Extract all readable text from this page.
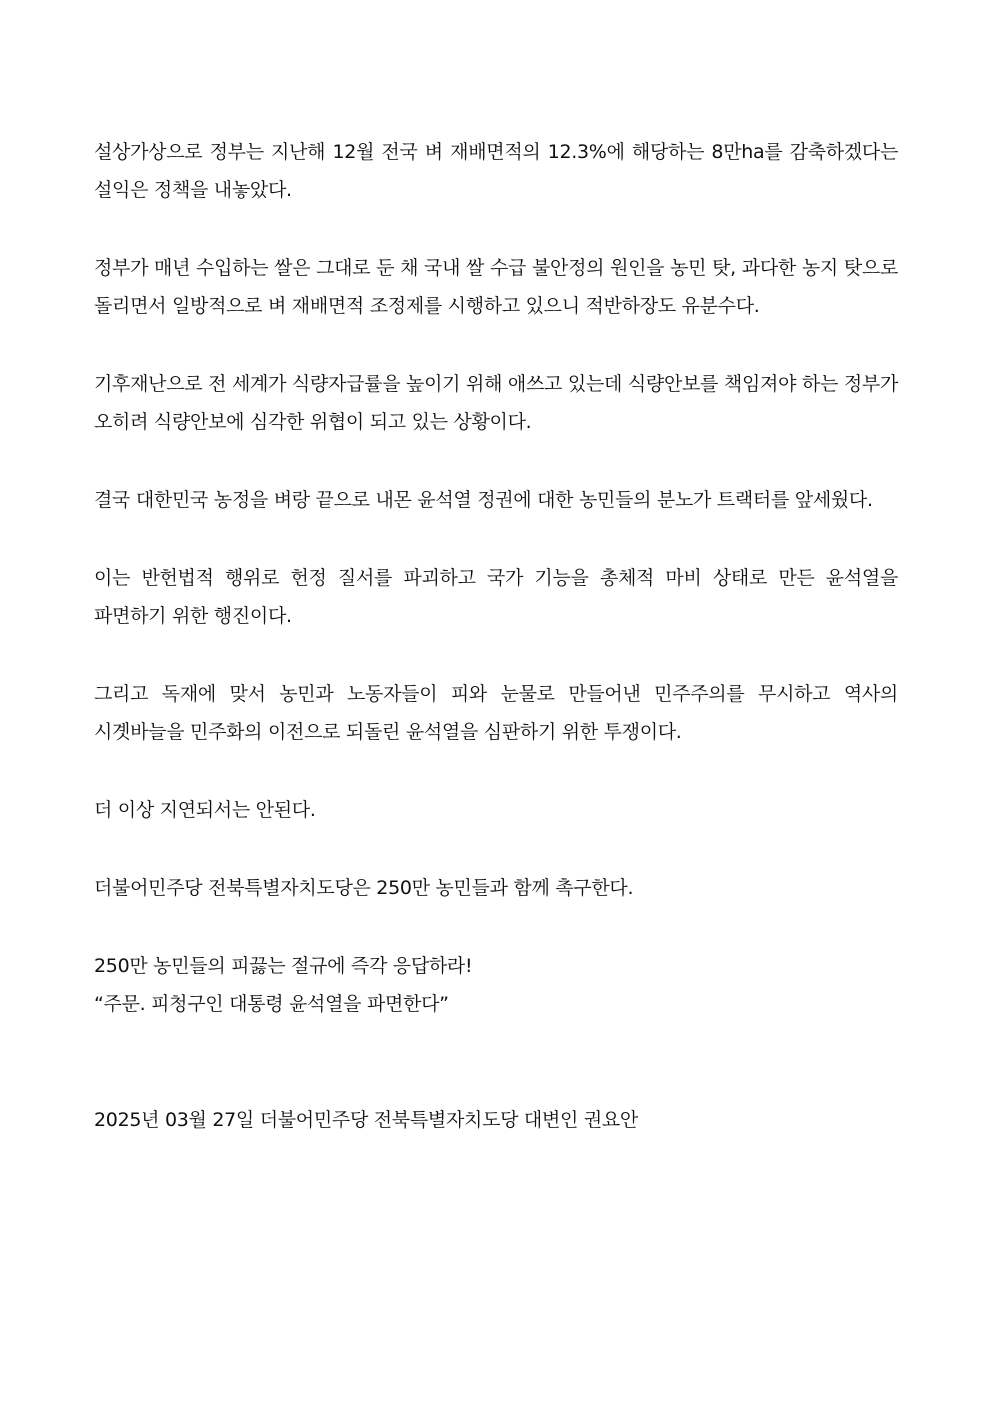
설상가상으로 정부는 지난해 12월 전국 벼 재배면적의 12.3%에 해당하는 8만ha를 감축하겠다는 설익은 정책을 내놓았다.

정부가 매년 수입하는 쌀은 그대로 둔 채 국내 쌀 수급 불안정의 원인을 농민 탓, 과다한 농지 탓으로 돌리면서 일방적으로 벼 재배면적 조정제를 시행하고 있으니 적반하장도 유분수다.

기후재난으로 전 세계가 식량자급률을 높이기 위해 애쓰고 있는데 식량안보를 책임져야 하는 정부가 오히려 식량안보에 심각한 위협이 되고 있는 상황이다.

결국 대한민국 농정을 벼랑 끝으로 내몬 윤석열 정권에 대한 농민들의 분노가 트랙터를 앞세웠다.

이는 반헌법적 행위로 헌정 질서를 파괴하고 국가 기능을 총체적 마비 상태로 만든 윤석열을 파면하기 위한 행진이다.

그리고 독재에 맞서 농민과 노동자들이 피와 눈물로 만들어낸 민주주의를 무시하고 역사의 시곗바늘을 민주화의 이전으로 되돌린 윤석열을 심판하기 위한 투쟁이다.

더 이상 지연되서는 안된다.

더불어민주당 전북특별자치도당은 250만 농민들과 함께 촉구한다.

250만 농민들의 피끓는 절규에 즉각 응답하라!

“주문. 피청구인 대통령 윤석열을 파면한다”

2025년 03월 27일 더불어민주당 전북특별자치도당 대변인 권요안
